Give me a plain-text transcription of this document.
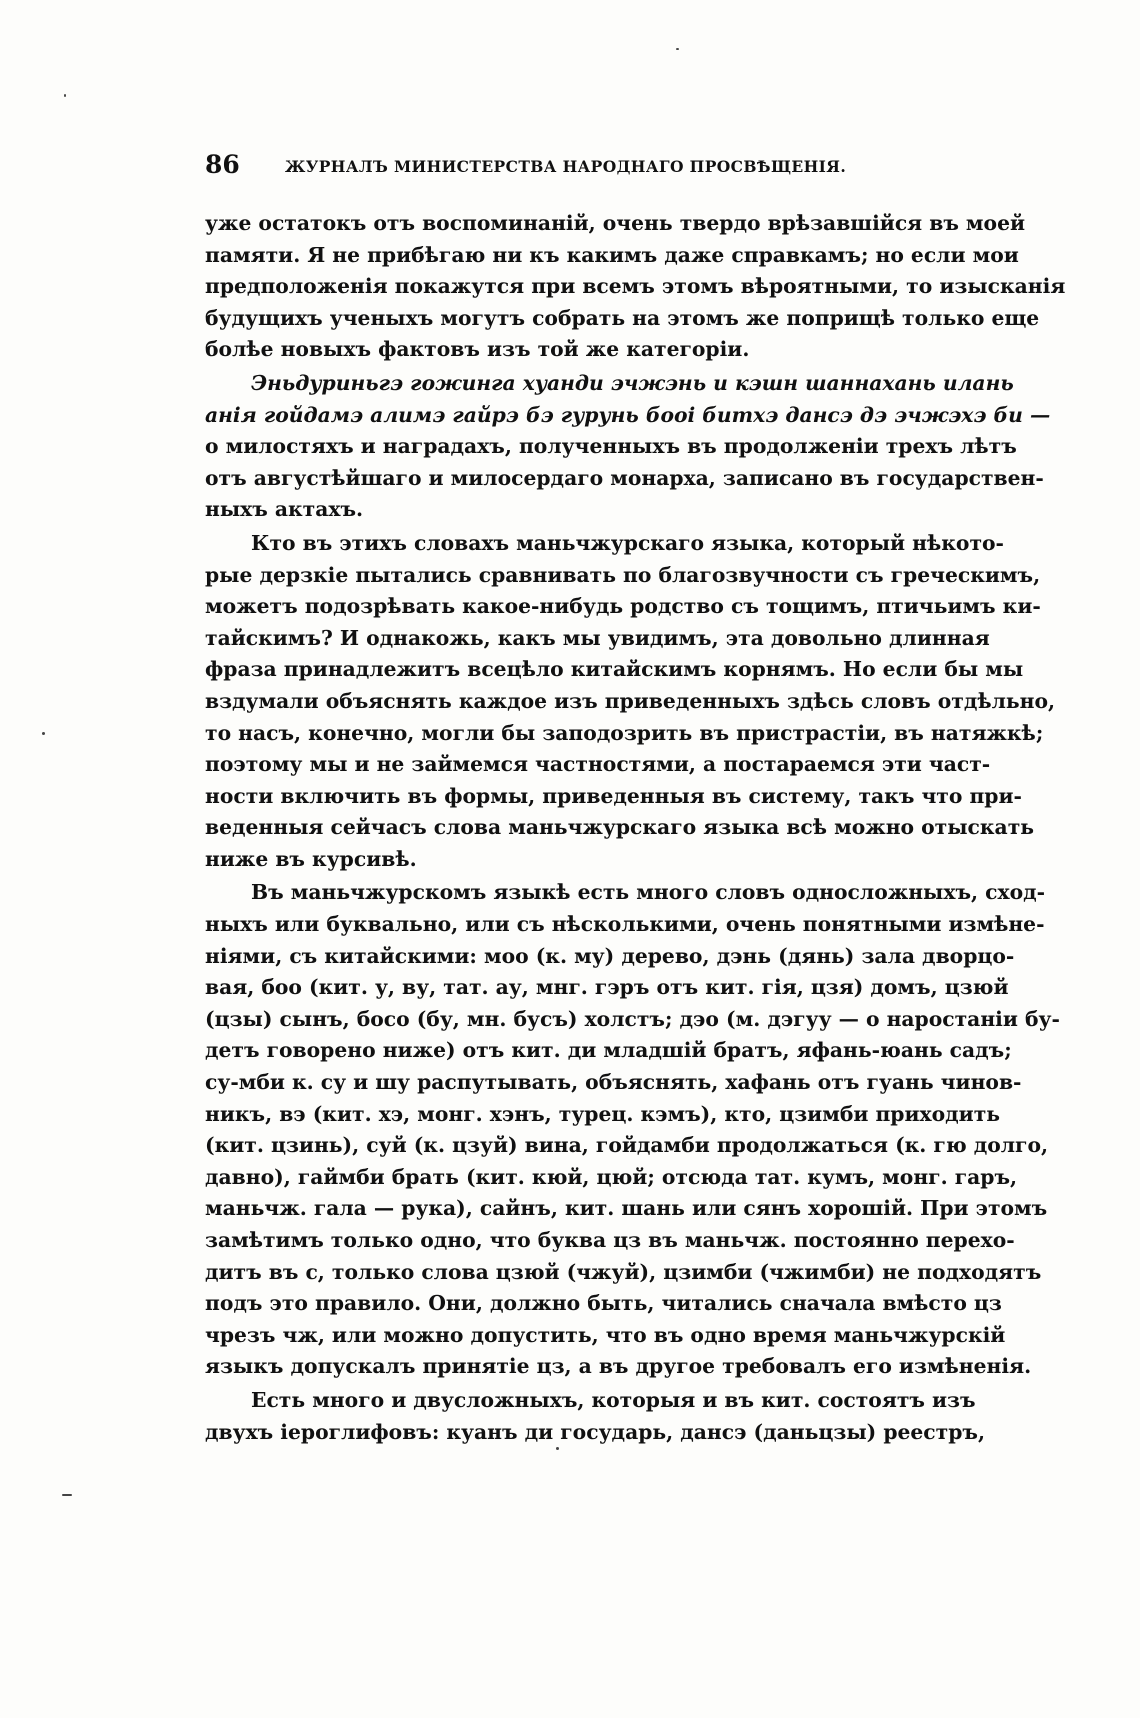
86	ЖУРНАЛЪ МИНИСТЕРСТВА НАРОДНАГО ПРОСВѢЩЕНІЯ.
уже остатокъ отъ воспоминаній, очень твердо врѣзавшійся въ моей
памяти. Я не прибѣгаю ни къ какимъ даже справкамъ; но если мои
предположенія покажутся при всемъ этомъ вѣроятными, то изысканія
будущихъ ученыхъ могутъ собрать на этомъ же поприщѣ только еще
болѣе новыхъ фактовъ изъ той же категоріи.
Эньдуриньгэ гожинга хуанди эчжэнь и кэшн шаннахань илань
анія гойдамэ алимэ гайрэ бэ гурунь бооі битхэ дансэ дэ эчжэхэ би —
о милостяхъ и наградахъ, полученныхъ въ продолженіи трехъ лѣтъ
отъ августѣйшаго и милосердаго монарха, записано въ государствен-
ныхъ актахъ.
Кто въ этихъ словахъ маньчжурскаго языка, который нѣкото-
рые дерзкіе пытались сравнивать по благозвучности съ греческимъ,
можетъ подозрѣвать какое-нибудь родство съ тощимъ, птичьимъ ки-
тайскимъ? И однакожь, какъ мы увидимъ, эта довольно длинная
фраза принадлежитъ всецѣло китайскимъ корнямъ. Но если бы мы
вздумали объяснять каждое изъ приведенныхъ здѣсь словъ отдѣльно,
то насъ, конечно, могли бы заподозрить въ пристрастіи, въ натяжкѣ;
поэтому мы и не займемся частностями, а постараемся эти част-
ности включить въ формы, приведенныя въ систему, такъ что при-
веденныя сейчасъ слова маньчжурскаго языка всѣ можно отыскать
ниже въ курсивѣ.
Въ маньчжурскомъ языкѣ есть много словъ односложныхъ, сход-
ныхъ или буквально, или съ нѣсколькими, очень понятными измѣне-
ніями, съ китайскими: моо (к. му) дерево, дэнь (дянь) зала дворцо-
вая, боо (кит. у, ву, тат. ау, мнг. гэръ отъ кит. гія, цзя) домъ, цзюй
(цзы) сынъ, босо (бу, мн. бусъ) холстъ; дэо (м. дэгуу — о наростаніи бу-
детъ говорено ниже) отъ кит. ди младшій братъ, яфань-юань садъ;
су-мби к. су и шу распутывать, объяснять, хафань отъ гуань чинов-
никъ, вэ (кит. хэ, монг. хэнъ, турец. кэмъ), кто, цзимби приходить
(кит. цзинь), суй (к. цзуй) вина, гойдамби продолжаться (к. гю долго,
давно), гаймби брать (кит. кюй, цюй; отсюда тат. кумъ, монг. гаръ,
маньчж. гала — рука), сайнъ, кит. шань или сянъ хорошій. При этомъ
замѣтимъ только одно, что буква цз въ маньчж. постоянно перехо-
дитъ въ с, только слова цзюй (чжуй), цзимби (чжимби) не подходятъ
подъ это правило. Они, должно быть, читались сначала вмѣсто цз
чрезъ чж, или можно допустить, что въ одно время маньчжурскій
языкъ допускалъ принятіе цз, а въ другое требовалъ его измѣненія.
Есть много и двусложныхъ, которыя и въ кит. состоятъ изъ
двухъ іероглифовъ: куанъ ди государь, дансэ (даньцзы) реестръ,
